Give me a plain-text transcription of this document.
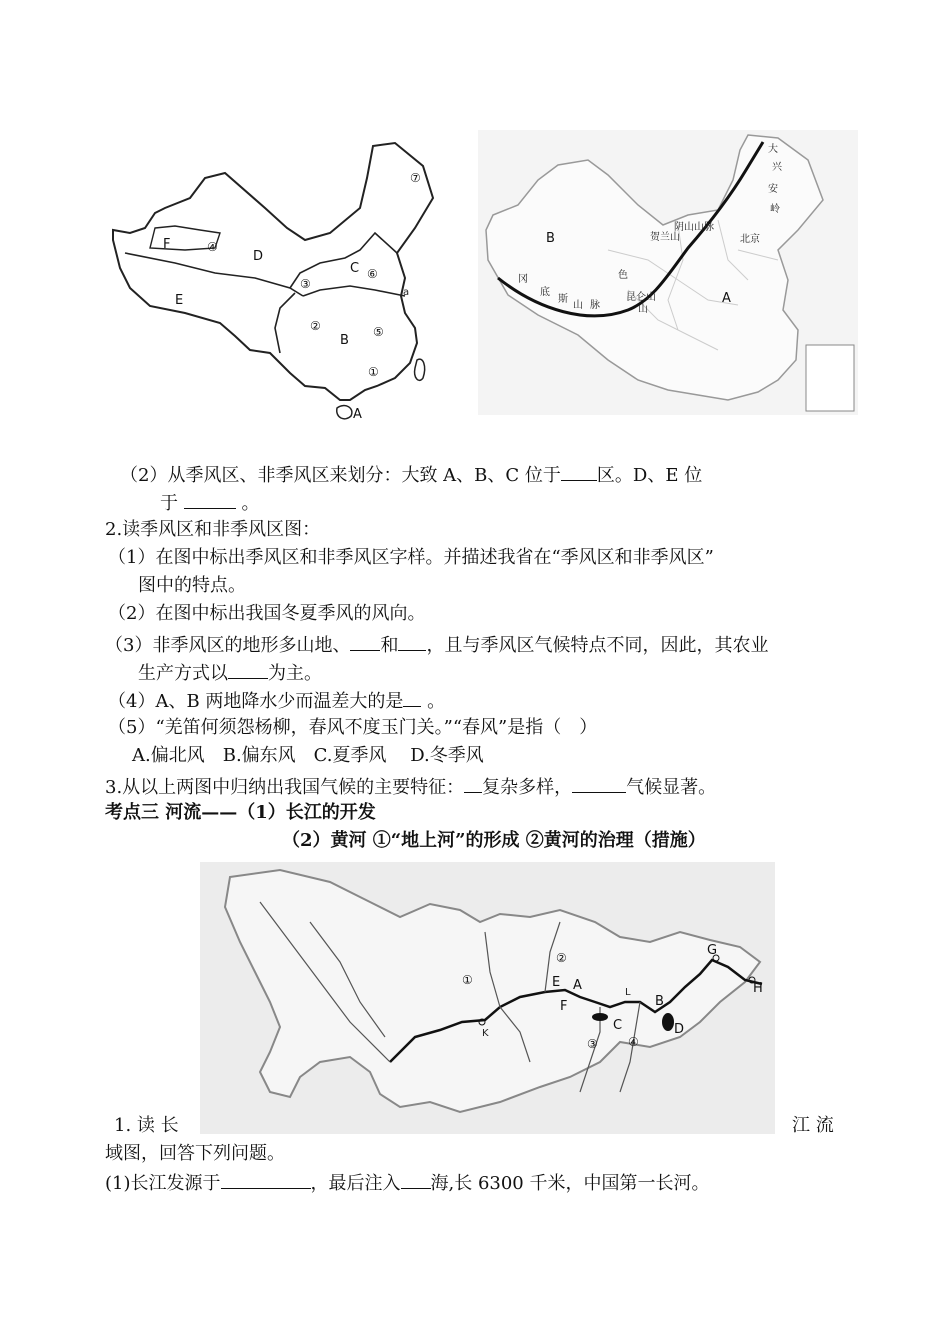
F
D
E
C
B
A
①
②
③
④
⑤
⑥
⑦
a
B
A
大
兴
安
岭
北京
阴山山脉
贺兰山
昆仑山
冈
底
斯
山 脉
色
山
（2）从季风区、非季风区来划分：大致 A、B、C 位于 区。D、E 位
于	。
2.读季风区和非季风区图：
（1）在图中标出季风区和非季风区字样。并描述我省在“季风区和非季风区”
图中的特点。
（2）在图中标出我国冬夏季风的风向。
（3）非季风区的地形多山地、 和 ，且与季风区气候特点不同，因此，其农业
生产方式以 为主。
（4）A、B 两地降水少而温差大的是 。
（5）“羌笛何须怨杨柳，春风不度玉门关。”“春风”是指（　）
A.偏北风　B.偏东风　C.夏季风　 D.冬季风
3.从以上两图中归纳出我国气候的主要特征： 复杂多样，	气候显著。
考点三 河流——（1）长江的开发
（2）黄河 ①“地上河”的形成 ②黄河的治理（措施）
G
H
E A
F
L
B
C	D
K
①
②
③	④
1. 读 长	江 流
域图，回答下列问题。
(1)长江发源于	，最后注入 海,长 6300 千米，中国第一长河。
